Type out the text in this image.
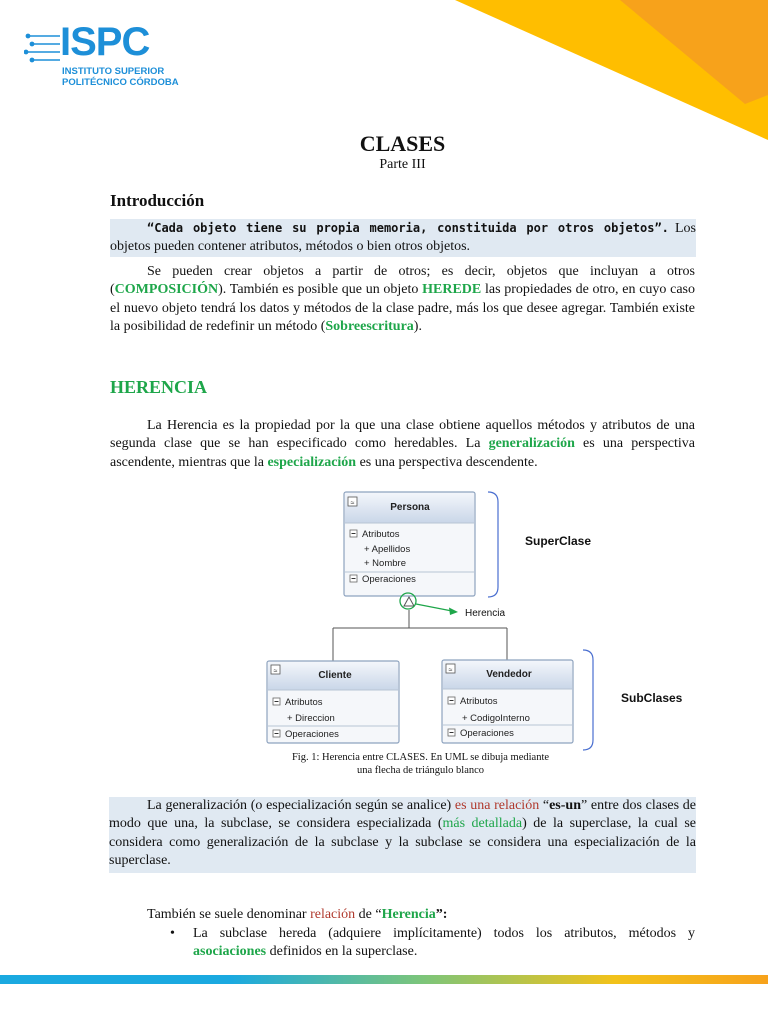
ISPC
INSTITUTO SUPERIOR
POLITÉCNICO CÓRDOBA
CLASES
Parte III
Introducción
“Cada objeto tiene su propia memoria, constituida por otros objetos”. Los objetos pueden contener atributos, métodos o bien otros objetos.
Se pueden crear objetos a partir de otros; es decir, objetos que incluyan a otros (COMPOSICIÓN). También es posible que un objeto HEREDE las propiedades de otro, en cuyo caso el nuevo objeto tendrá los datos y métodos de la clase padre, más los que desee agregar. También existe la posibilidad de redefinir un método (Sobreescritura).
HERENCIA
La Herencia es la propiedad por la que una clase obtiene aquellos métodos y atributos de una segunda clase que se han especificado como heredables. La generalización es una perspectiva ascendente, mientras que la especialización es una perspectiva descendente.
≈	Persona
Atributos
+ Apellidos
+ Nombre
Operaciones
SuperClase
Herencia
≈	Cliente
Atributos
+ Direccion
Operaciones
≈	Vendedor
Atributos
+ CodigoInterno
Operaciones
SubClases
Fig. 1: Herencia entre CLASES. En UML se dibuja mediante
una flecha de triángulo blanco
La generalización (o especialización según se analice) es una relación “es-un” entre dos clases de modo que una, la subclase, se considera especializada (más detallada) de la superclase, la cual se considera como generalización de la subclase y la subclase se considera una especialización de la superclase.
También se suele denominar relación de “Herencia”:
• La subclase hereda (adquiere implícitamente) todos los atributos, métodos y asociaciones definidos en la superclase.
